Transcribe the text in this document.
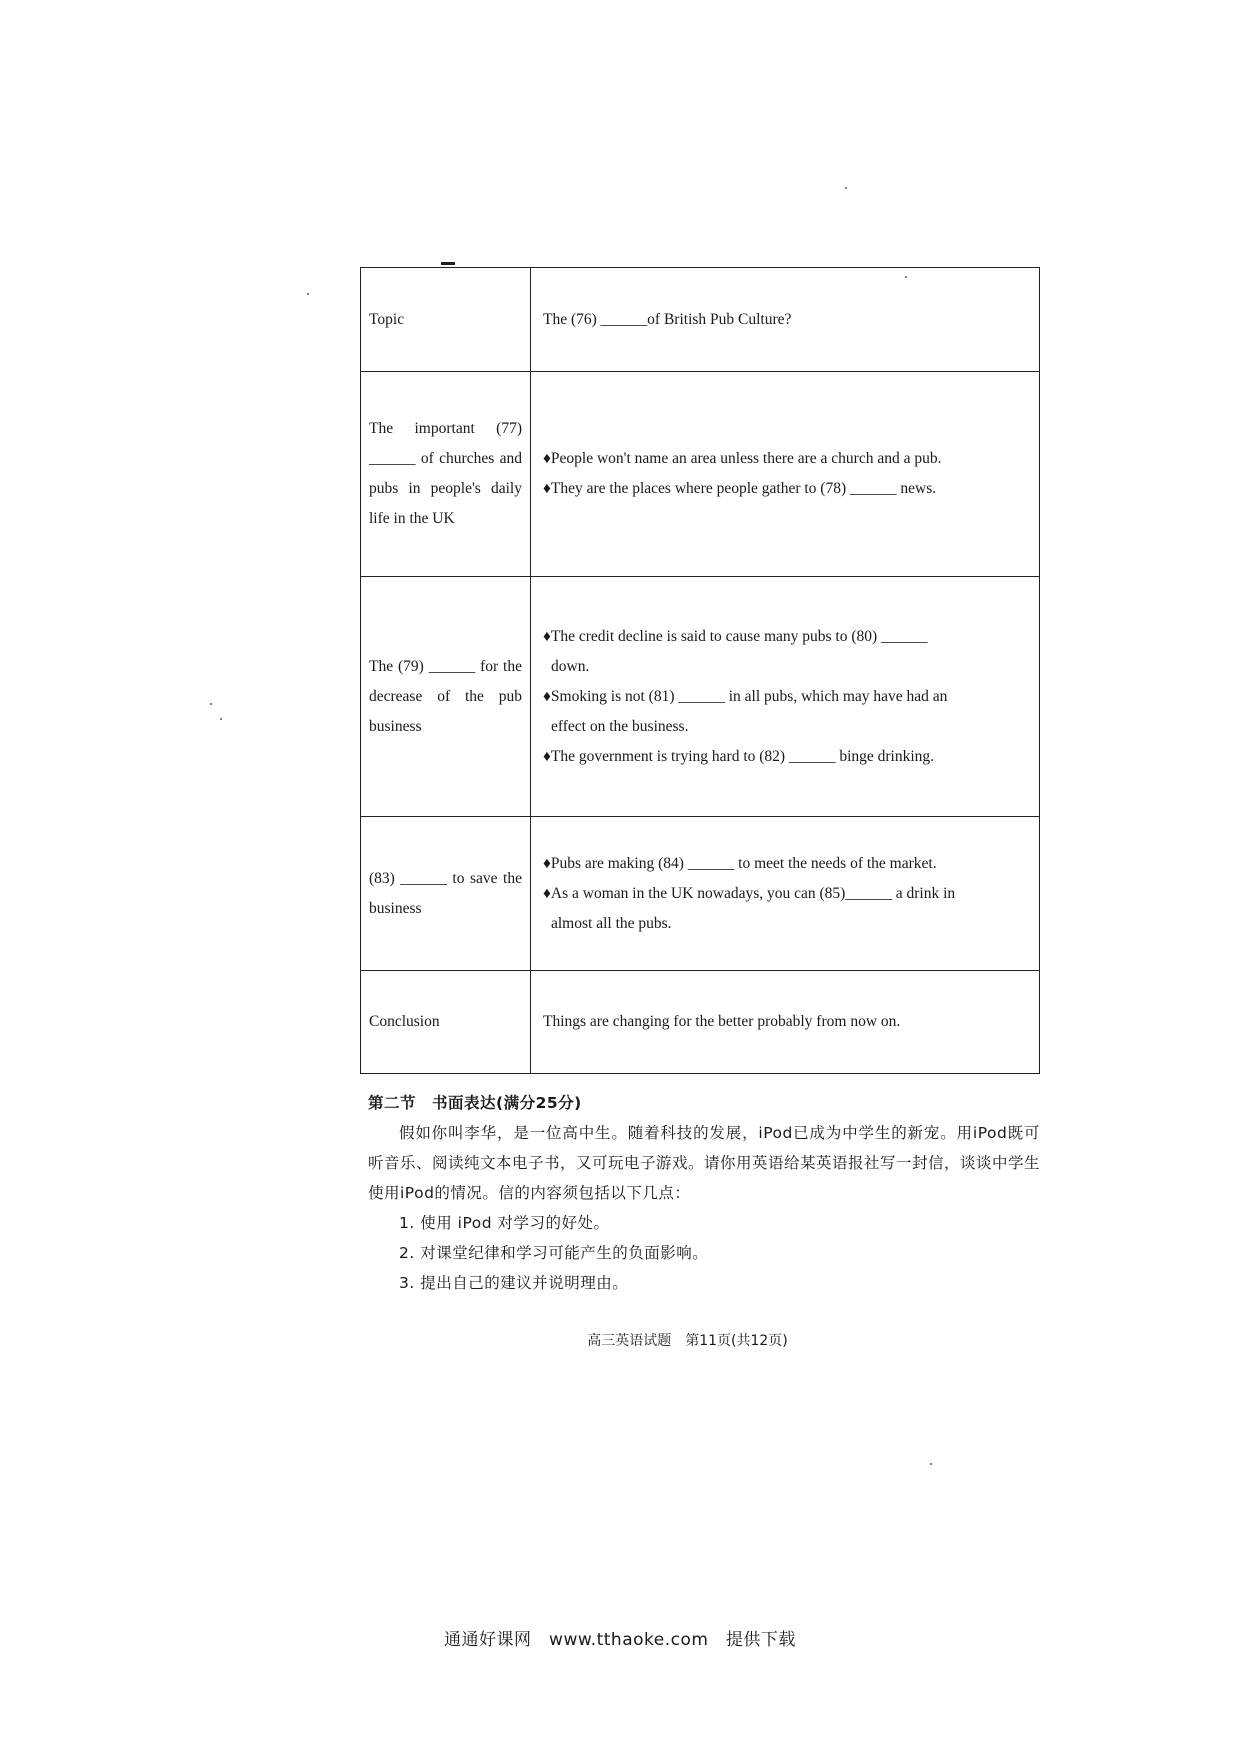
Topic	The (76) ______of British Pub Culture?
The important (77) ______ of churches and pubs in people's daily life in the UK	♦People won't name an area unless there are a church and a pub.
♦They are the places where people gather to (78) ______ news.

The (79) ______ for the decrease of the pub business	♦The credit decline is said to cause many pubs to (80) ______
down.
♦Smoking is not (81) ______ in all pubs, which may have had an
effect on the business.
♦The government is trying hard to (82) ______ binge drinking.

(83) ______ to save the business	♦Pubs are making (84) ______ to meet the needs of the market.
♦As a woman in the UK nowadays, you can (85)______ a drink in
almost all the pubs.

Conclusion	Things are changing for the better probably from now on.
第二节　书面表达(满分25分)
假如你叫李华，是一位高中生。随着科技的发展，iPod已成为中学生的新宠。用iPod既可听音乐、阅读纯文本电子书，又可玩电子游戏。请你用英语给某英语报社写一封信，谈谈中学生使用iPod的情况。信的内容须包括以下几点：
1. 使用 iPod 对学习的好处。
2. 对课堂纪律和学习可能产生的负面影响。
3. 提出自己的建议并说明理由。
高三英语试题　第11页(共12页)
通通好课网　www.tthaoke.com　提供下载
